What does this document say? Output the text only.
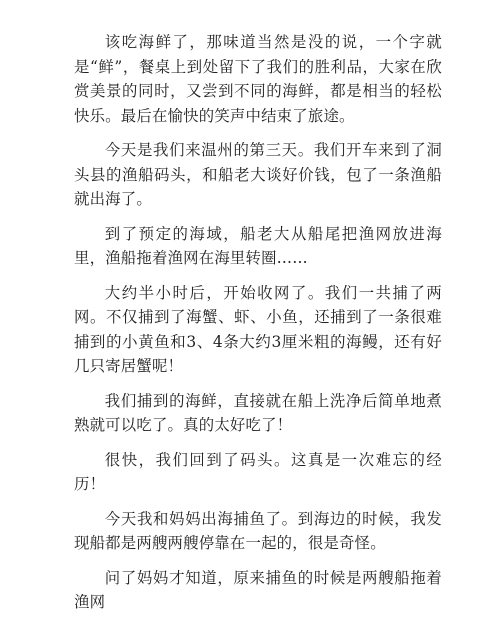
该吃海鲜了，那味道当然是没的说，一个字就是“鲜”，餐桌上到处留下了我们的胜利品，大家在欣赏美景的同时，又尝到不同的海鲜，都是相当的轻松快乐。最后在愉快的笑声中结束了旅途。

今天是我们来温州的第三天。我们开车来到了洞头县的渔船码头，和船老大谈好价钱，包了一条渔船就出海了。

到了预定的海域，船老大从船尾把渔网放进海里，渔船拖着渔网在海里转圈……

大约半小时后，开始收网了。我们一共捕了两网。不仅捕到了海蟹、虾、小鱼，还捕到了一条很难捕到的小黄鱼和3、4条大约3厘米粗的海鳗，还有好几只寄居蟹呢！

我们捕到的海鲜，直接就在船上洗净后简单地煮熟就可以吃了。真的太好吃了！

很快，我们回到了码头。这真是一次难忘的经历！

今天我和妈妈出海捕鱼了。到海边的时候，我发现船都是两艘两艘停靠在一起的，很是奇怪。

问了妈妈才知道，原来捕鱼的时候是两艘船拖着渔网
